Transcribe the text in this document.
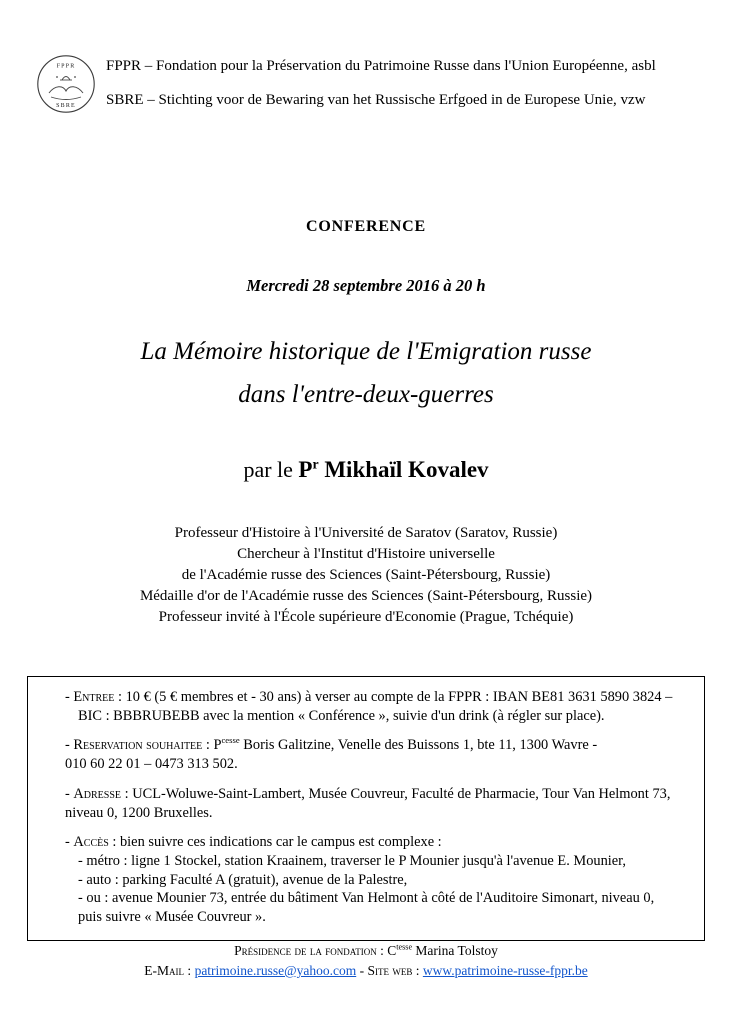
FPPR
SBRE
FPPR – Fondation pour la Préservation du Patrimoine Russe dans l'Union Européenne, asbl
SBRE – Stichting voor de Bewaring van het Russische Erfgoed in de Europese Unie, vzw
CONFERENCE
Mercredi 28 septembre 2016 à 20 h
La Mémoire historique de l'Emigration russe
dans l'entre-deux-guerres
par le $P^r$ Mikhaïl Kovalev
Professeur d'Histoire à l'Université de Saratov (Saratov, Russie)
Chercheur à l'Institut d'Histoire universelle
de l'Académie russe des Sciences (Saint-Pétersbourg, Russie)
Médaille d'or de l'Académie russe des Sciences (Saint-Pétersbourg, Russie)
Professeur invité à l'École supérieure d'Economie (Prague, Tchéquie)
- Entree : 10 € (5 € membres et - 30 ans) à verser au compte de la FPPR : IBAN BE81 3631 5890 3824 –
BIC : BBBRUBEBB avec la mention « Conférence », suivie d'un drink (à régler sur place).
- Reservation souhaitee : $P^{cesse}$ Boris Galitzine, Venelle des Buissons 1, bte 11, 1300 Wavre -
010 60 22 01 – 0473 313 502.
- Adresse : UCL-Woluwe-Saint-Lambert, Musée Couvreur, Faculté de Pharmacie, Tour Van Helmont 73,
niveau 0, 1200 Bruxelles.
- Accès : bien suivre ces indications car le campus est complexe :
- métro : ligne 1 Stockel, station Kraainem, traverser le P Mounier jusqu'à l'avenue E. Mounier,
- auto : parking Faculté A (gratuit), avenue de la Palestre,
- ou : avenue Mounier 73, entrée du bâtiment Van Helmont à côté de l'Auditoire Simonart, niveau 0,
puis suivre « Musée Couvreur ».
Présidence de la fondation : $C^{tesse}$ Marina Tolstoy
E-Mail : patrimoine.russe@yahoo.com - Site web : www.patrimoine-russe-fppr.be
